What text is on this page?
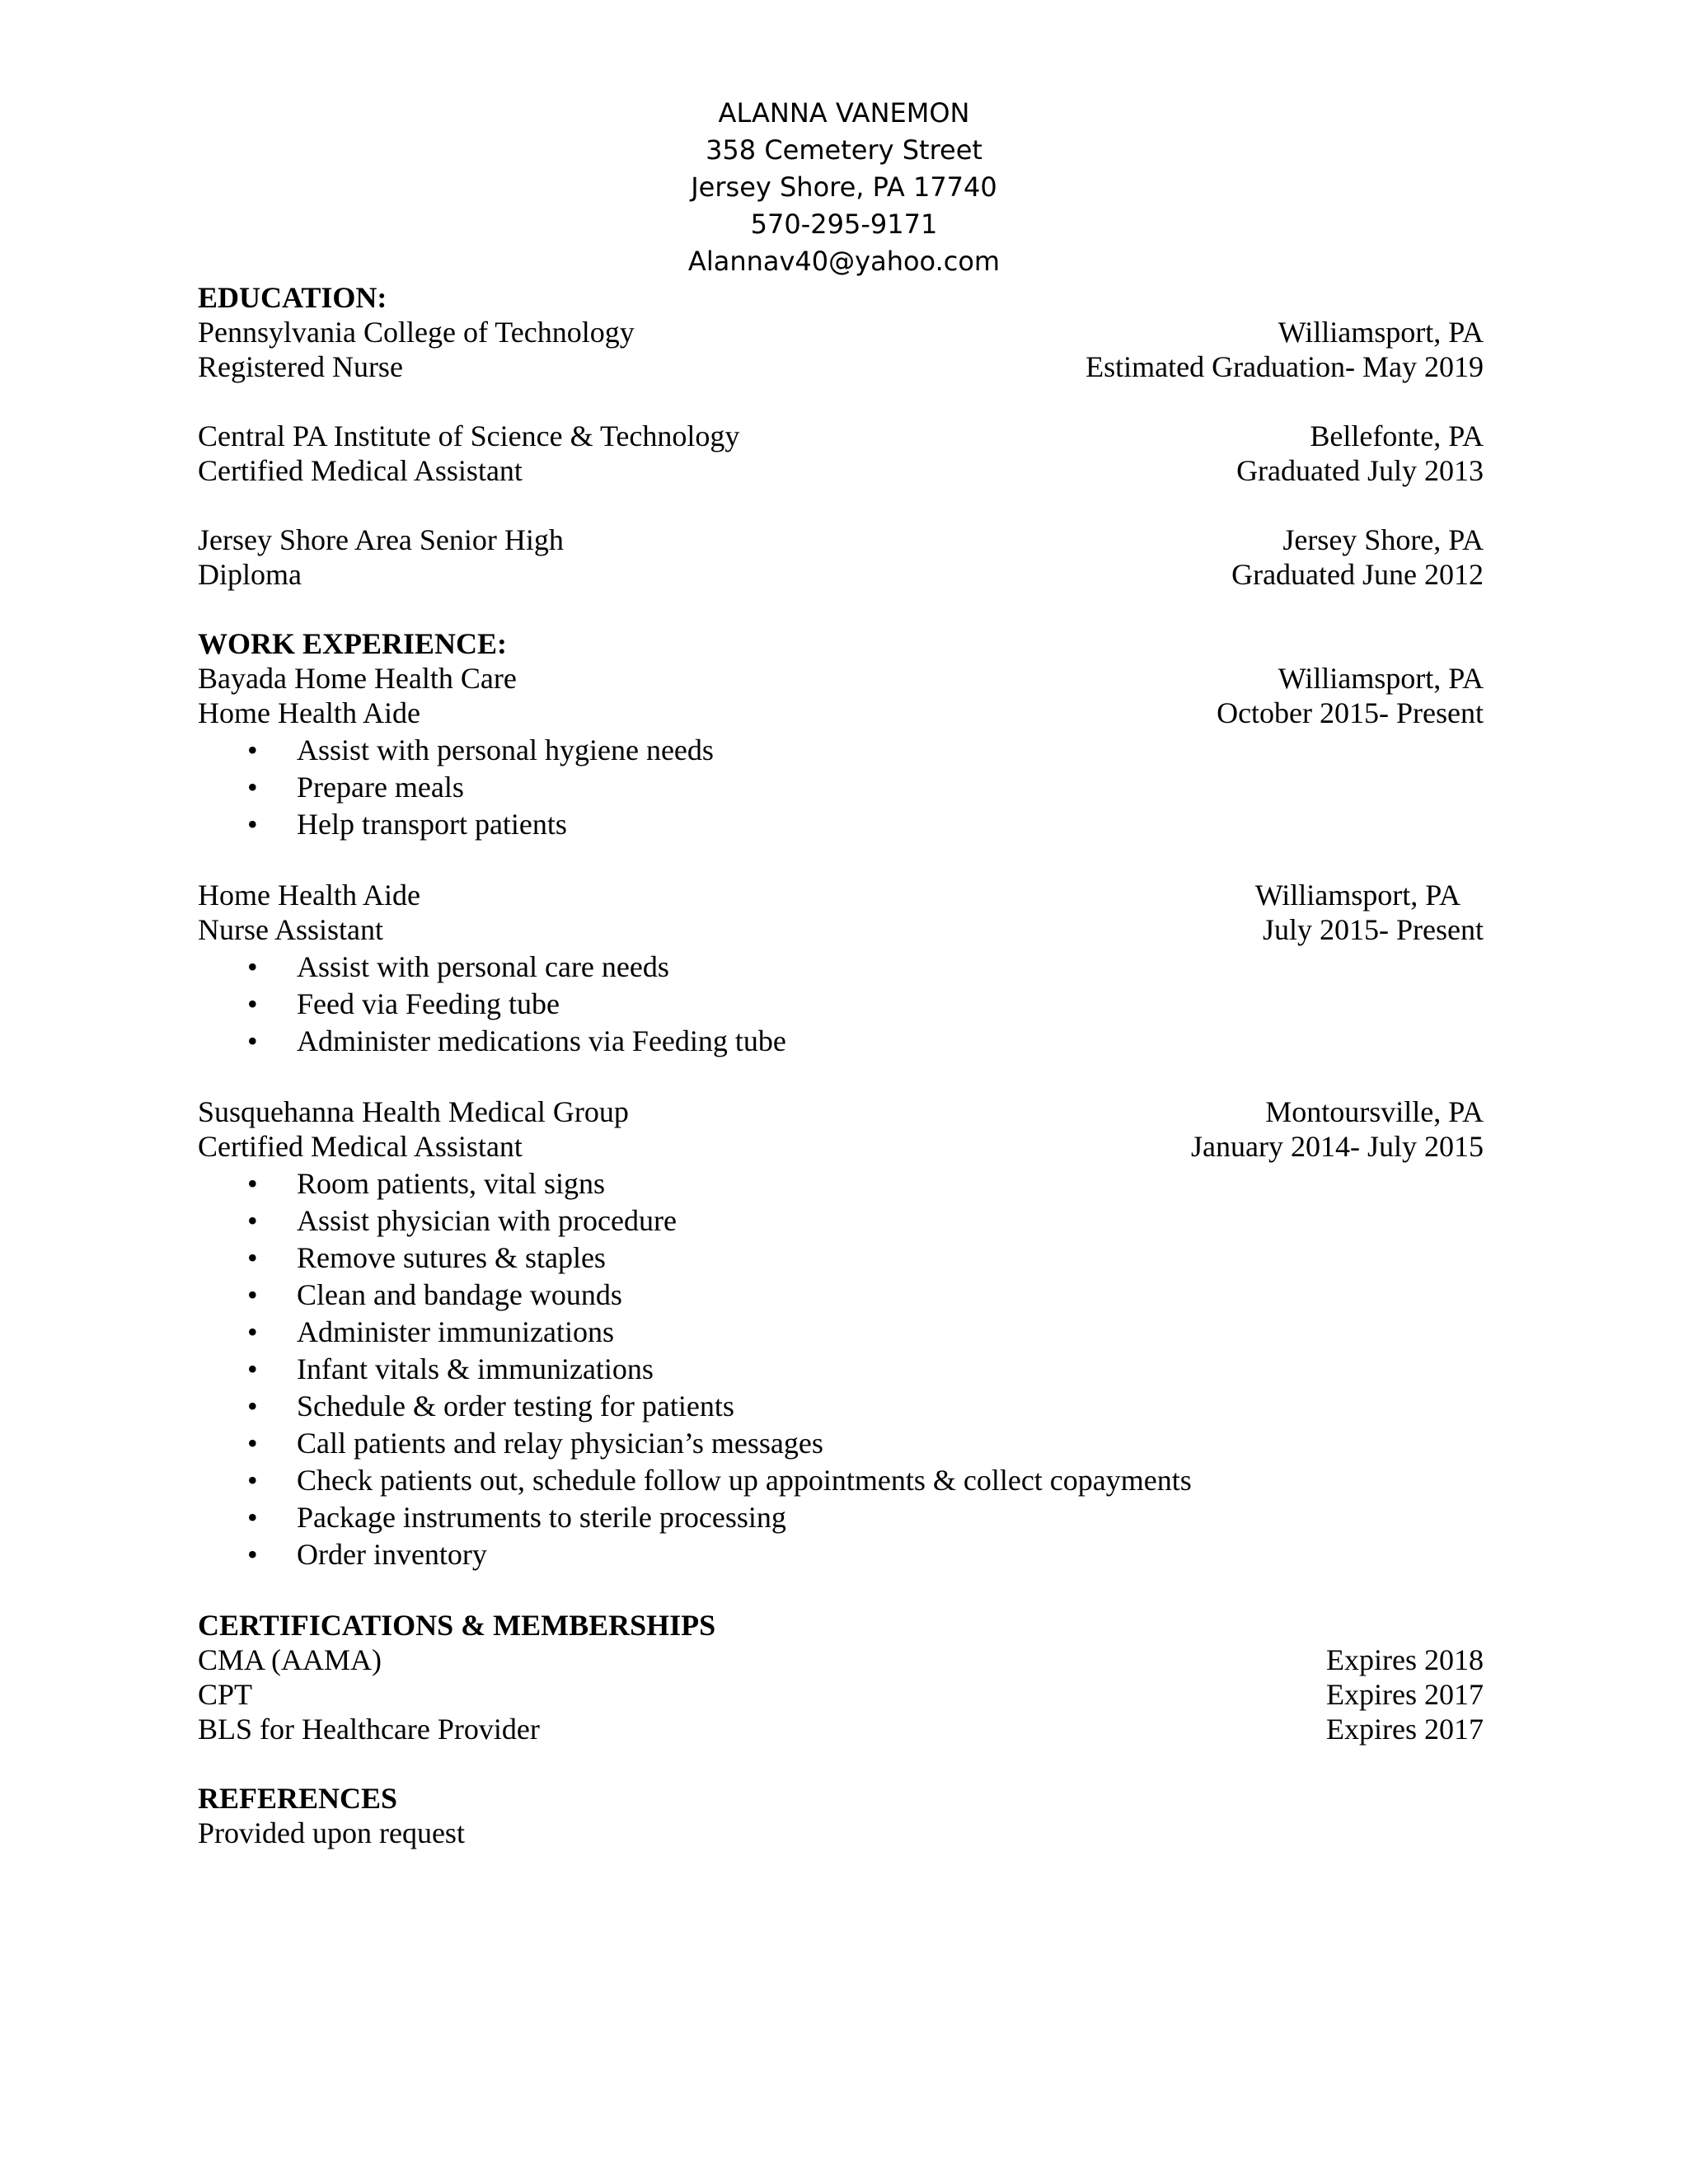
ALANNA VANEMON
358 Cemetery Street
Jersey Shore, PA 17740
570-295-9171
Alannav40@yahoo.com
EDUCATION:
Pennsylvania College of Technology	Williamsport, PA
Registered Nurse	Estimated Graduation- May 2019
Central PA Institute of Science & Technology	Bellefonte, PA
Certified Medical Assistant	Graduated July 2013
Jersey Shore Area Senior High	Jersey Shore, PA
Diploma	Graduated June 2012
WORK EXPERIENCE:
Bayada Home Health Care	Williamsport, PA
Home Health Aide	October 2015- Present
• Assist with personal hygiene needs
• Prepare meals
• Help transport patients
Home Health Aide	Williamsport, PA
Nurse Assistant	July 2015- Present
• Assist with personal care needs
• Feed via Feeding tube
• Administer medications via Feeding tube
Susquehanna Health Medical Group	Montoursville, PA
Certified Medical Assistant	January 2014- July 2015
• Room patients, vital signs
• Assist physician with procedure
• Remove sutures & staples
• Clean and bandage wounds
• Administer immunizations
• Infant vitals & immunizations
• Schedule & order testing for patients
• Call patients and relay physician’s messages
• Check patients out, schedule follow up appointments & collect copayments
• Package instruments to sterile processing
• Order inventory
CERTIFICATIONS & MEMBERSHIPS
CMA (AAMA)	Expires 2018
CPT	Expires 2017
BLS for Healthcare Provider	Expires 2017
REFERENCES
Provided upon request
